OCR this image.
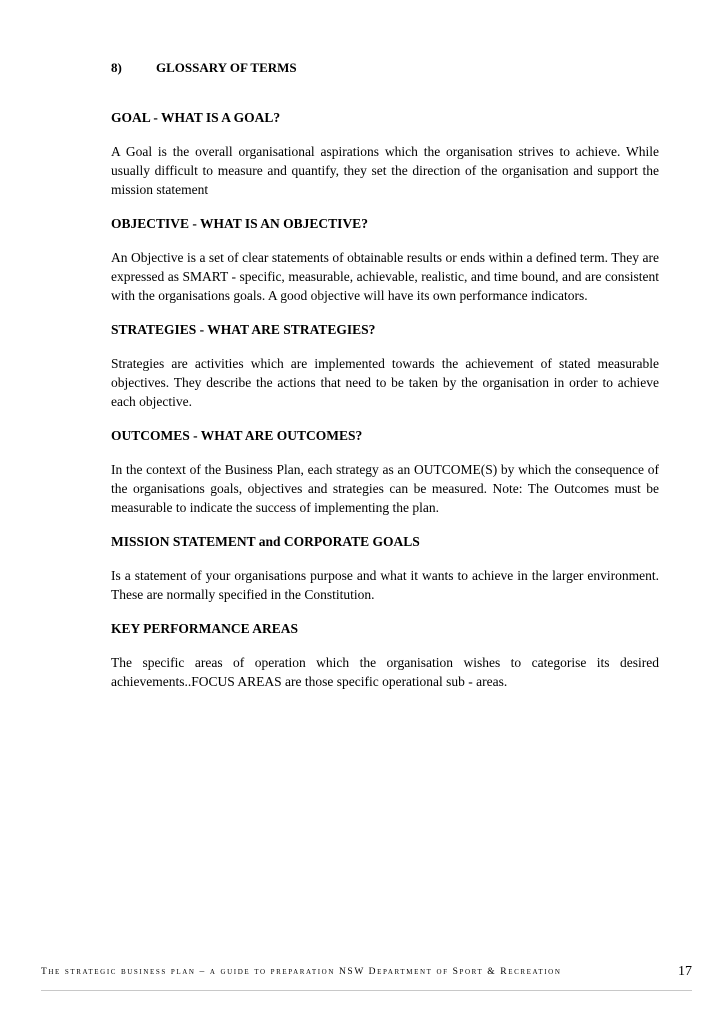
8)	GLOSSARY OF TERMS

GOAL - WHAT IS A GOAL?

A Goal is the overall organisational aspirations which the organisation strives to achieve. While usually difficult to measure and quantify, they set the direction of the organisation and support the mission statement

OBJECTIVE - WHAT IS AN OBJECTIVE?

An Objective is a set of clear statements of obtainable results or ends within a defined term. They are expressed as SMART - specific, measurable, achievable, realistic, and time bound, and are consistent with the organisations goals. A good objective will have its own performance indicators.

STRATEGIES - WHAT ARE STRATEGIES?

Strategies are activities which are implemented towards the achievement of stated measurable objectives. They describe the actions that need to be taken by the organisation in order to achieve each objective.

OUTCOMES - WHAT ARE OUTCOMES?

In the context of the Business Plan, each strategy as an OUTCOME(S) by which the consequence of the organisations goals, objectives and strategies can be measured. Note: The Outcomes must be measurable to indicate the success of implementing the plan.

MISSION STATEMENT and CORPORATE GOALS

Is a statement of your organisations purpose and what it wants to achieve in the larger environment. These are normally specified in the Constitution.

KEY PERFORMANCE AREAS

The specific areas of operation which the organisation wishes to categorise its desired achievements..FOCUS AREAS are those specific operational sub - areas.

The strategic business plan – a guide to preparation NSW Department of Sport & Recreation	17
